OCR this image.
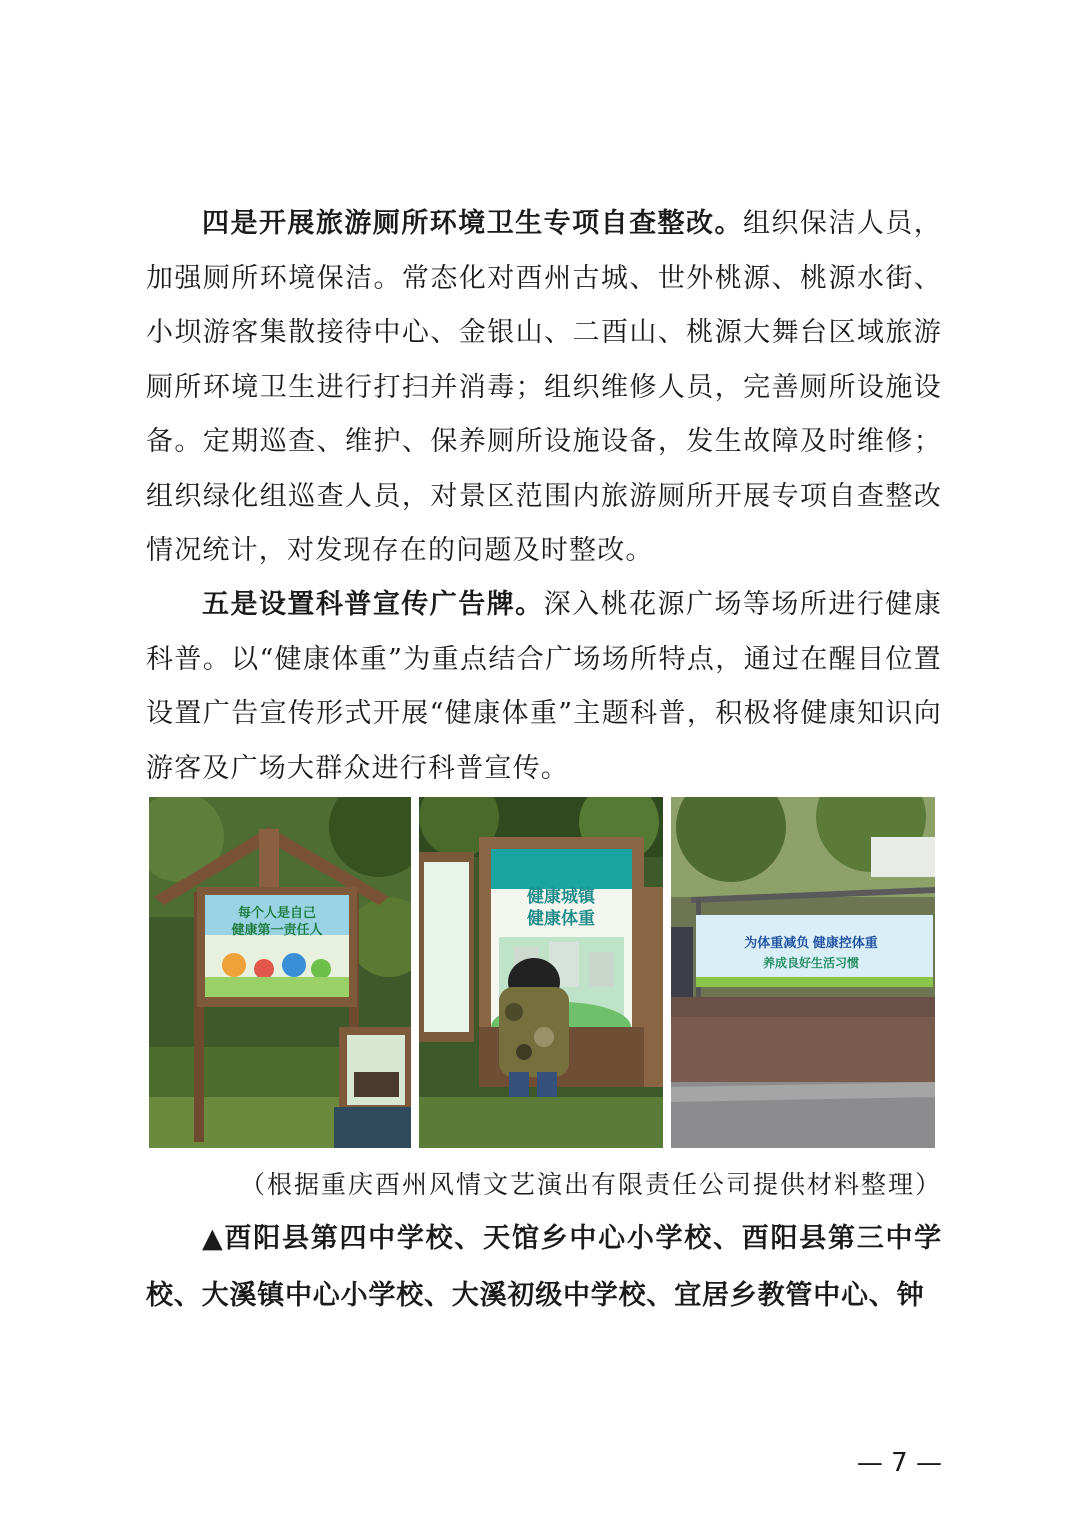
四是开展旅游厕所环境卫生专项自查整改。组织保洁人员，加强厕所环境保洁。常态化对酉州古城、世外桃源、桃源水街、小坝游客集散接待中心、金银山、二酉山、桃源大舞台区域旅游厕所环境卫生进行打扫并消毒；组织维修人员，完善厕所设施设备。定期巡查、维护、保养厕所设施设备，发生故障及时维修；组织绿化组巡查人员，对景区范围内旅游厕所开展专项自查整改情况统计，对发现存在的问题及时整改。

五是设置科普宣传广告牌。深入桃花源广场等场所进行健康科普。以“健康体重”为重点结合广场场所特点，通过在醒目位置设置广告宣传形式开展“健康体重”主题科普，积极将健康知识向游客及广场大群众进行科普宣传。

每个人是自己
健康第一责任人
健康城镇
健康体重
为体重减负 健康控体重
养成良好生活习惯

（根据重庆酉州风情文艺演出有限责任公司提供材料整理）

▲酉阳县第四中学校、天馆乡中心小学校、酉阳县第三中学校、大溪镇中心小学校、大溪初级中学校、宜居乡教管中心、钟

— 7 —
